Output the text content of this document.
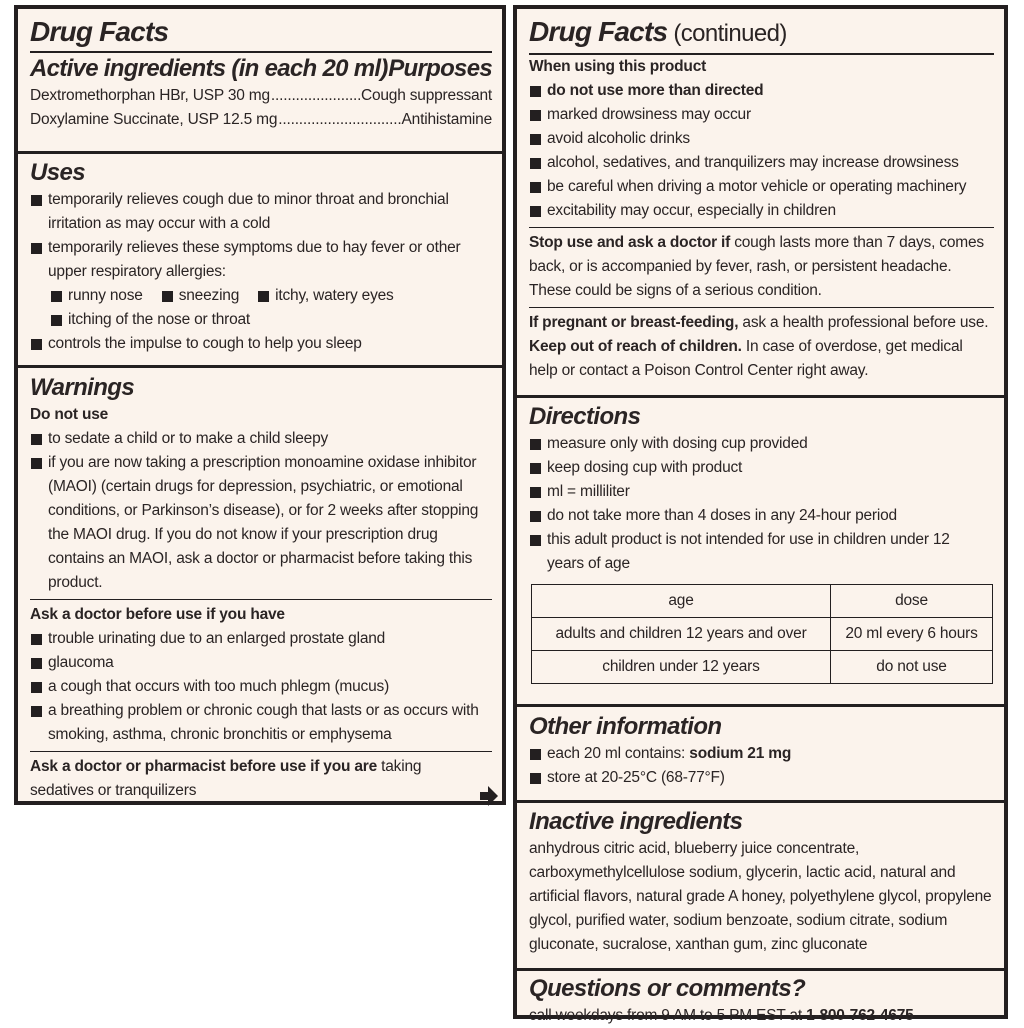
Drug Facts
Active ingredients (in each 20 ml) Purposes
Dextromethorphan HBr, USP 30 mg .....	Cough suppressant
Doxylamine Succinate, USP 12.5 mg .....	Antihistamine
Uses
temporarily relieves cough due to minor throat and bronchial irritation as may occur with a cold
temporarily relieves these symptoms due to hay fever or other upper respiratory allergies:
runny nose	sneezing	itchy, watery eyes
itching of the nose or throat
controls the impulse to cough to help you sleep
Warnings
Do not use
to sedate a child or to make a child sleepy
if you are now taking a prescription monoamine oxidase inhibitor (MAOI) (certain drugs for depression, psychiatric, or emotional conditions, or Parkinson’s disease), or for 2 weeks after stopping the MAOI drug. If you do not know if your prescription drug contains an MAOI, ask a doctor or pharmacist before taking this product.
Ask a doctor before use if you have
trouble urinating due to an enlarged prostate gland
glaucoma
a cough that occurs with too much phlegm (mucus)
a breathing problem or chronic cough that lasts or as occurs with smoking, asthma, chronic bronchitis or emphysema
Ask a doctor or pharmacist before use if you are taking sedatives or tranquilizers
Drug Facts (continued)
When using this product
do not use more than directed
marked drowsiness may occur
avoid alcoholic drinks
alcohol, sedatives, and tranquilizers may increase drowsiness
be careful when driving a motor vehicle or operating machinery
excitability may occur, especially in children
Stop use and ask a doctor if cough lasts more than 7 days, comes back, or is accompanied by fever, rash, or persistent headache. These could be signs of a serious condition.
If pregnant or breast-feeding, ask a health professional before use.
Keep out of reach of children. In case of overdose, get medical help or contact a Poison Control Center right away.
Directions
measure only with dosing cup provided
keep dosing cup with product
ml = milliliter
do not take more than 4 doses in any 24-hour period
this adult product is not intended for use in children under 12 years of age
age	dose
adults and children 12 years and over	20 ml every 6 hours
children under 12 years	do not use
Other information
each 20 ml contains: sodium 21 mg
store at 20-25°C (68-77°F)
Inactive ingredients
anhydrous citric acid, blueberry juice concentrate, carboxymethylcellulose sodium, glycerin, lactic acid, natural and artificial flavors, natural grade A honey, polyethylene glycol, propylene glycol, purified water, sodium benzoate, sodium citrate, sodium gluconate, sucralose, xanthan gum, zinc gluconate
Questions or comments?
call weekdays from 9 AM to 5 PM EST at 1-800-762-4675
